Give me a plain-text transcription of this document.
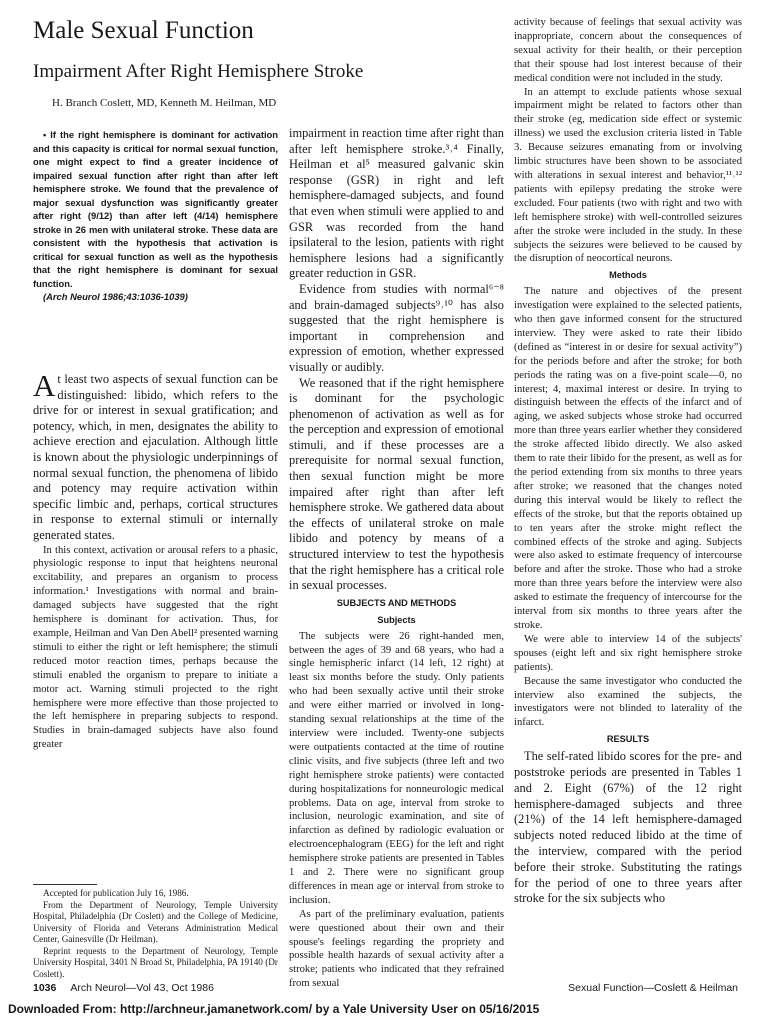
Male Sexual Function
Impairment After Right Hemisphere Stroke
H. Branch Coslett, MD, Kenneth M. Heilman, MD

• If the right hemisphere is dominant for activation and this capacity is critical for normal sexual function, one might expect to find a greater incidence of impaired sexual function after right than after left hemisphere stroke. We found that the prevalence of major sexual dysfunction was significantly greater after right (9/12) than after left (4/14) hemisphere stroke in 26 men with unilateral stroke. These data are consistent with the hypothesis that activation is critical for sexual function as well as the hypothesis that the right hemisphere is dominant for sexual function.

(Arch Neurol 1986;43:1036-1039)

At least two aspects of sexual function can be distinguished: libido, which refers to the drive for or interest in sexual gratification; and potency, which, in men, designates the ability to achieve erection and ejaculation. Although little is known about the physiologic underpinnings of normal sexual function, the phenomena of libido and potency may require activation within specific limbic and, perhaps, cortical structures in response to external stimuli or internally generated states.

In this context, activation or arousal refers to a phasic, physiologic response to input that heightens neuronal excitability, and prepares an organism to process information.¹ Investigations with normal and brain-damaged subjects have suggested that the right hemisphere is dominant for activation. Thus, for example, Heilman and Van Den Abell² presented warning stimuli to either the right or left hemisphere; the stimuli reduced motor reaction times, perhaps because the stimuli enabled the organism to prepare to initiate a motor act. Warning stimuli projected to the right hemisphere were more effective than those projected to the left hemisphere in preparing subjects to respond. Studies in brain-damaged subjects have also found greater

Accepted for publication July 16, 1986.

From the Department of Neurology, Temple University Hospital, Philadelphia (Dr Coslett) and the College of Medicine, University of Florida and Veterans Administration Medical Center, Gainesville (Dr Heilman).

Reprint requests to the Department of Neurology, Temple University Hospital, 3401 N Broad St, Philadelphia, PA 19140 (Dr Coslett).

impairment in reaction time after right than after left hemisphere stroke.³˒⁴ Finally, Heilman et al⁵ measured galvanic skin response (GSR) in right and left hemisphere-damaged subjects, and found that even when stimuli were applied to and GSR was recorded from the hand ipsilateral to the lesion, patients with right hemisphere lesions had a significantly greater reduction in GSR.

Evidence from studies with normal⁶⁻⁸ and brain-damaged subjects⁹˒¹⁰ has also suggested that the right hemisphere is important in comprehension and expression of emotion, whether expressed visually or audibly.

We reasoned that if the right hemisphere is dominant for the psychologic phenomenon of activation as well as for the perception and expression of emotional stimuli, and if these processes are a prerequisite for normal sexual function, then sexual function might be more impaired after right than after left hemisphere stroke. We gathered data about the effects of unilateral stroke on male libido and potency by means of a structured interview to test the hypothesis that the right hemisphere has a critical role in sexual processes.

SUBJECTS AND METHODS
Subjects

The subjects were 26 right-handed men, between the ages of 39 and 68 years, who had a single hemispheric infarct (14 left, 12 right) at least six months before the study. Only patients who had been sexually active until their stroke and were either married or involved in long-standing sexual relationships at the time of the interview were included. Twenty-one subjects were outpatients contacted at the time of routine clinic visits, and five subjects (three left and two right hemisphere stroke patients) were contacted during hospitalizations for nonneurologic medical problems. Data on age, interval from stroke to inclusion, neurologic examination, and site of infarction as defined by radiologic evaluation or electroencephalogram (EEG) for the left and right hemisphere stroke patients are presented in Tables 1 and 2. There were no significant group differences in mean age or interval from stroke to inclusion.

As part of the preliminary evaluation, patients were questioned about their own and their spouse's feelings regarding the propriety and possible health hazards of sexual activity after a stroke; patients who indicated that they refrained from sexual

activity because of feelings that sexual activity was inappropriate, concern about the consequences of sexual activity for their health, or their perception that their spouse had lost interest because of their medical condition were not included in the study.

In an attempt to exclude patients whose sexual impairment might be related to factors other than their stroke (eg, medication side effect or systemic illness) we used the exclusion criteria listed in Table 3. Because seizures emanating from or involving limbic structures have been shown to be associated with alterations in sexual interest and behavior,¹¹˒¹² patients with epilepsy predating the stroke were excluded. Four patients (two with right and two with left hemisphere stroke) with well-controlled seizures after the stroke were included in the study. In these subjects the seizures were believed to be caused by the disruption of neocortical neurons.

Methods

The nature and objectives of the present investigation were explained to the selected patients, who then gave informed consent for the structured interview. They were asked to rate their libido (defined as “interest in or desire for sexual activity”) for the periods before and after the stroke; for both periods the rating was on a five-point scale—0, no interest; 4, maximal interest or desire. In trying to distinguish between the effects of the infarct and of aging, we asked subjects whose stroke had occurred more than three years earlier whether they considered the stroke affected libido directly. We also asked them to rate their libido for the present, as well as for the period extending from six months to three years after stroke; we reasoned that the changes noted during this interval would be likely to reflect the effects of the stroke, but that the reports obtained up to ten years after the stroke might reflect the combined effects of the stroke and aging. Subjects were also asked to estimate frequency of intercourse before and after the stroke. Those who had a stroke more than three years before the interview were also asked to estimate the frequency of intercourse for the interval from six months to three years after the stroke.

We were able to interview 14 of the subjects' spouses (eight left and six right hemisphere stroke patients).

Because the same investigator who conducted the interview also examined the subjects, the investigators were not blinded to laterality of the infarct.

RESULTS

The self-rated libido scores for the pre- and poststroke periods are presented in Tables 1 and 2. Eight (67%) of the 12 right hemisphere-damaged subjects and three (21%) of the 14 left hemisphere-damaged subjects noted reduced libido at the time of the interview, compared with the period before their stroke. Substituting the ratings for the period of one to three years after stroke for the six subjects who

1036 Arch Neurol—Vol 43, Oct 1986	Sexual Function—Coslett & Heilman
Downloaded From: http://archneur.jamanetwork.com/ by a Yale University User on 05/16/2015
